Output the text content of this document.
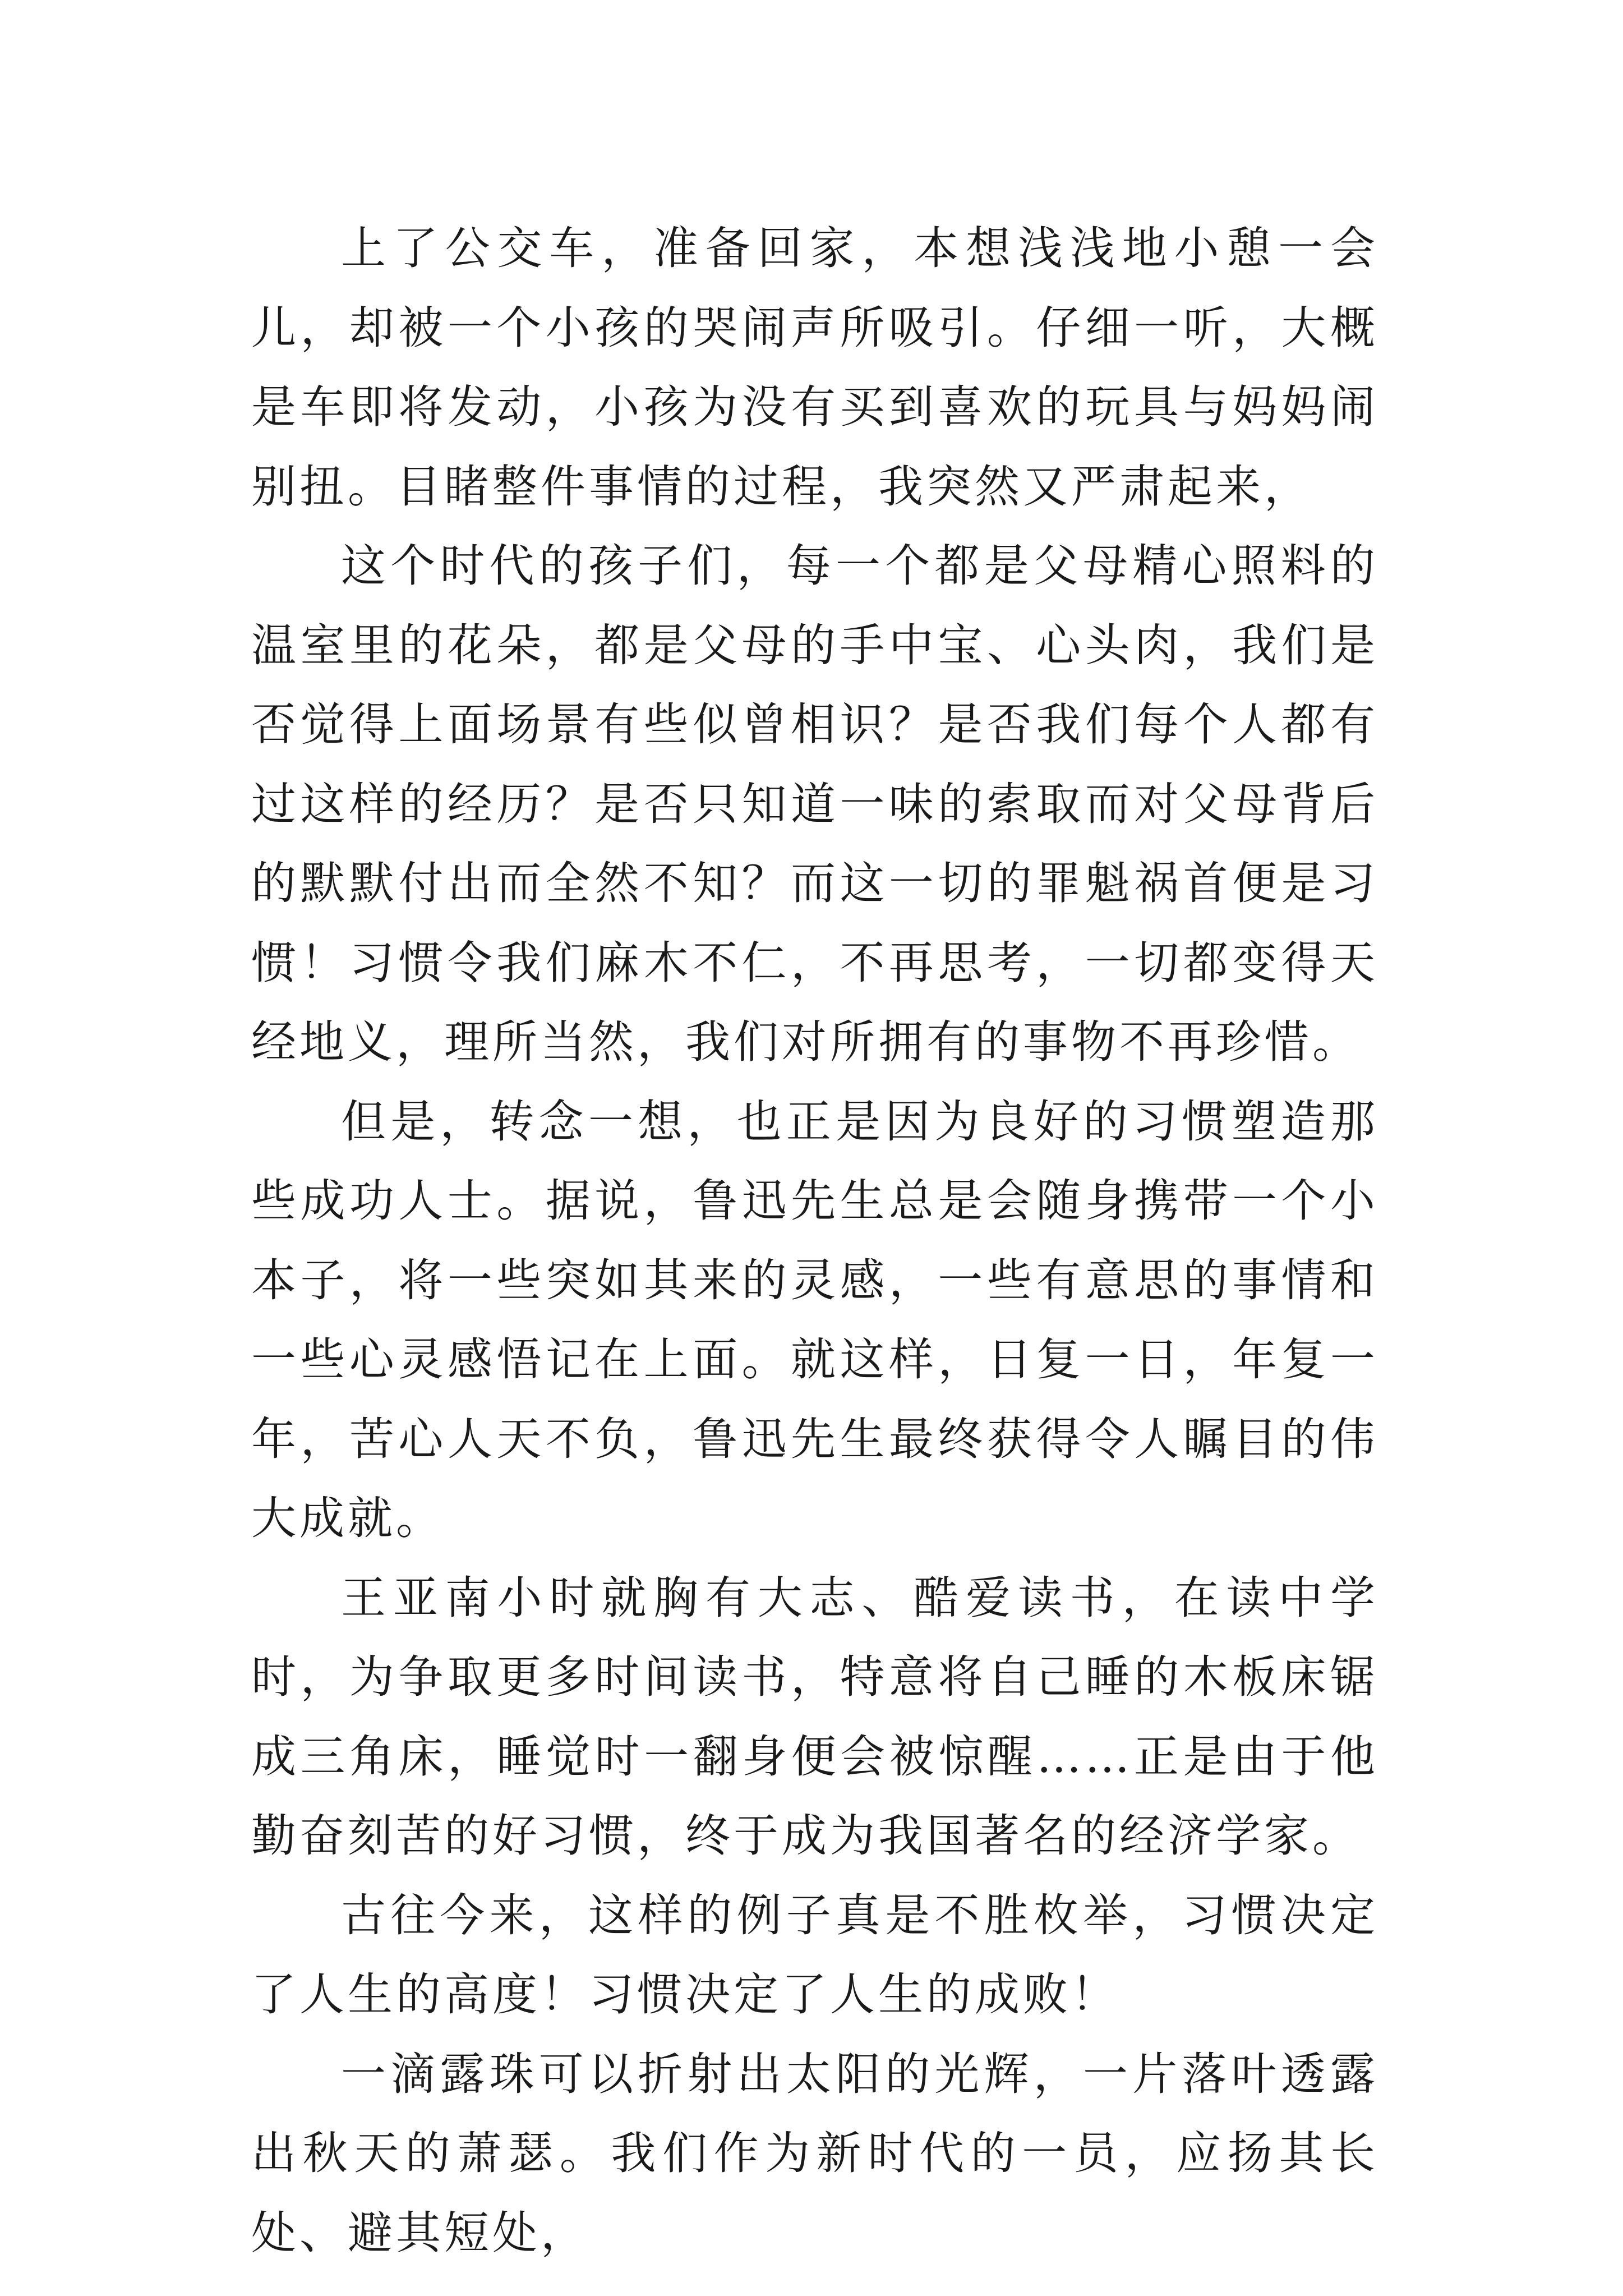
上了公交车，准备回家，本想浅浅地小憩一会儿，却被一个小孩的哭闹声所吸引。仔细一听，大概是车即将发动，小孩为没有买到喜欢的玩具与妈妈闹别扭。目睹整件事情的过程，我突然又严肃起来，

这个时代的孩子们，每一个都是父母精心照料的温室里的花朵，都是父母的手中宝、心头肉，我们是否觉得上面场景有些似曾相识？是否我们每个人都有过这样的经历？是否只知道一味的索取而对父母背后的默默付出而全然不知？而这一切的罪魁祸首便是习惯！习惯令我们麻木不仁，不再思考，一切都变得天经地义，理所当然，我们对所拥有的事物不再珍惜。

但是，转念一想，也正是因为良好的习惯塑造那些成功人士。据说，鲁迅先生总是会随身携带一个小本子，将一些突如其来的灵感，一些有意思的事情和一些心灵感悟记在上面。就这样，日复一日，年复一年，苦心人天不负，鲁迅先生最终获得令人瞩目的伟大成就。

王亚南小时就胸有大志、酷爱读书，在读中学时，为争取更多时间读书，特意将自己睡的木板床锯成三角床，睡觉时一翻身便会被惊醒……正是由于他勤奋刻苦的好习惯，终于成为我国著名的经济学家。

古往今来，这样的例子真是不胜枚举，习惯决定了人生的高度！习惯决定了人生的成败！

一滴露珠可以折射出太阳的光辉，一片落叶透露出秋天的萧瑟。我们作为新时代的一员，应扬其长处、避其短处，
